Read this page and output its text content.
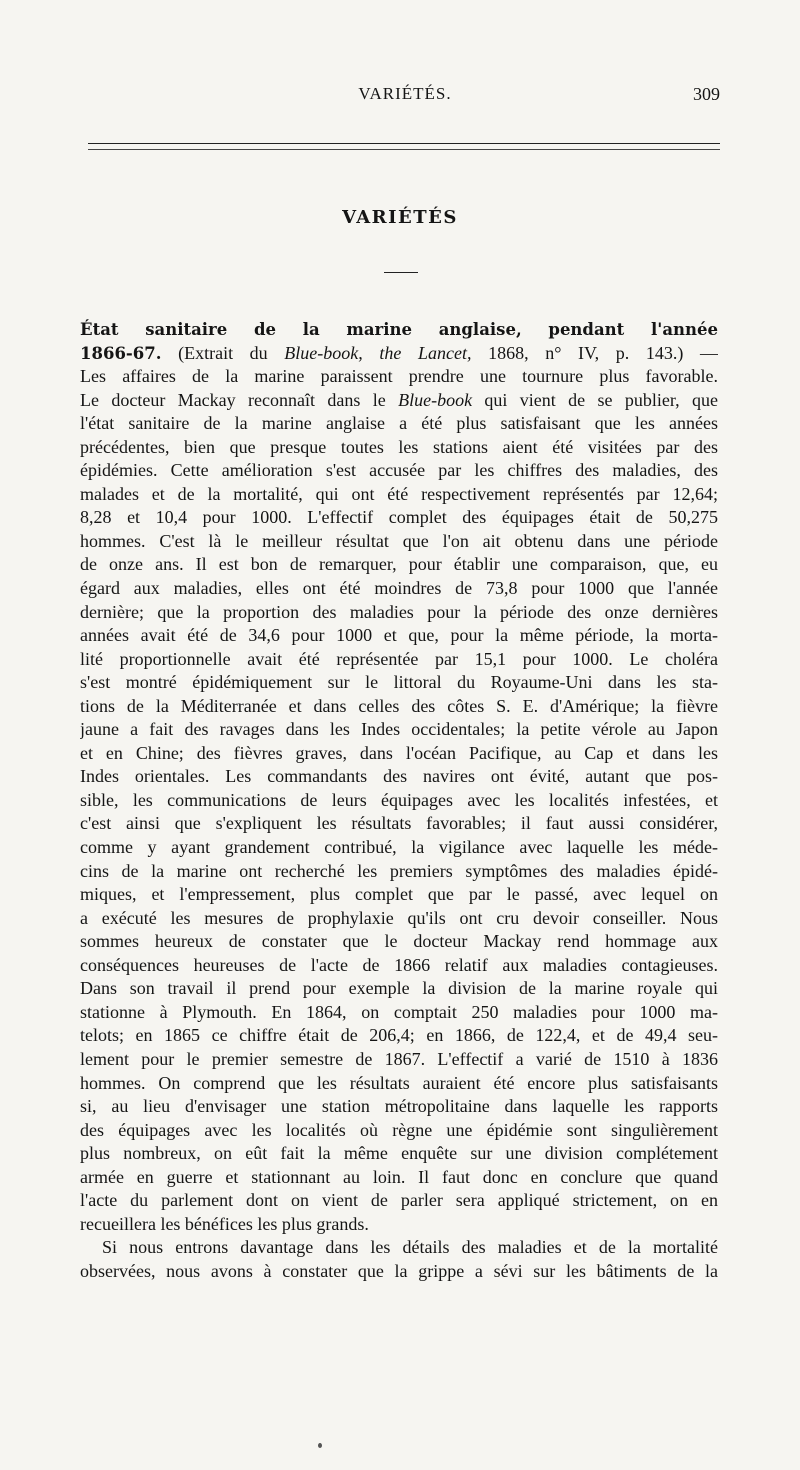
VARIÉTÉS.	309
VARIÉTÉS
État sanitaire de la marine anglaise, pendant l'année
1866-67. (Extrait du Blue-book, the Lancet, 1868, n° IV, p. 143.) —
Les affaires de la marine paraissent prendre une tournure plus favorable.
Le docteur Mackay reconnaît dans le Blue-book qui vient de se publier, que
l'état sanitaire de la marine anglaise a été plus satisfaisant que les années
précédentes, bien que presque toutes les stations aient été visitées par des
épidémies. Cette amélioration s'est accusée par les chiffres des maladies, des
malades et de la mortalité, qui ont été respectivement représentés par 12,64;
8,28 et 10,4 pour 1000. L'effectif complet des équipages était de 50,275
hommes. C'est là le meilleur résultat que l'on ait obtenu dans une période
de onze ans. Il est bon de remarquer, pour établir une comparaison, que, eu
égard aux maladies, elles ont été moindres de 73,8 pour 1000 que l'année
dernière; que la proportion des maladies pour la période des onze dernières
années avait été de 34,6 pour 1000 et que, pour la même période, la morta-
lité proportionnelle avait été représentée par 15,1 pour 1000. Le choléra
s'est montré épidémiquement sur le littoral du Royaume-Uni dans les sta-
tions de la Méditerranée et dans celles des côtes S. E. d'Amérique; la fièvre
jaune a fait des ravages dans les Indes occidentales; la petite vérole au Japon
et en Chine; des fièvres graves, dans l'océan Pacifique, au Cap et dans les
Indes orientales. Les commandants des navires ont évité, autant que pos-
sible, les communications de leurs équipages avec les localités infestées, et
c'est ainsi que s'expliquent les résultats favorables; il faut aussi considérer,
comme y ayant grandement contribué, la vigilance avec laquelle les méde-
cins de la marine ont recherché les premiers symptômes des maladies épidé-
miques, et l'empressement, plus complet que par le passé, avec lequel on
a exécuté les mesures de prophylaxie qu'ils ont cru devoir conseiller. Nous
sommes heureux de constater que le docteur Mackay rend hommage aux
conséquences heureuses de l'acte de 1866 relatif aux maladies contagieuses.
Dans son travail il prend pour exemple la division de la marine royale qui
stationne à Plymouth. En 1864, on comptait 250 maladies pour 1000 ma-
telots; en 1865 ce chiffre était de 206,4; en 1866, de 122,4, et de 49,4 seu-
lement pour le premier semestre de 1867. L'effectif a varié de 1510 à 1836
hommes. On comprend que les résultats auraient été encore plus satisfaisants
si, au lieu d'envisager une station métropolitaine dans laquelle les rapports
des équipages avec les localités où règne une épidémie sont singulièrement
plus nombreux, on eût fait la même enquête sur une division complétement
armée en guerre et stationnant au loin. Il faut donc en conclure que quand
l'acte du parlement dont on vient de parler sera appliqué strictement, on en
recueillera les bénéfices les plus grands.
Si nous entrons davantage dans les détails des maladies et de la mortalité
observées, nous avons à constater que la grippe a sévi sur les bâtiments de la
